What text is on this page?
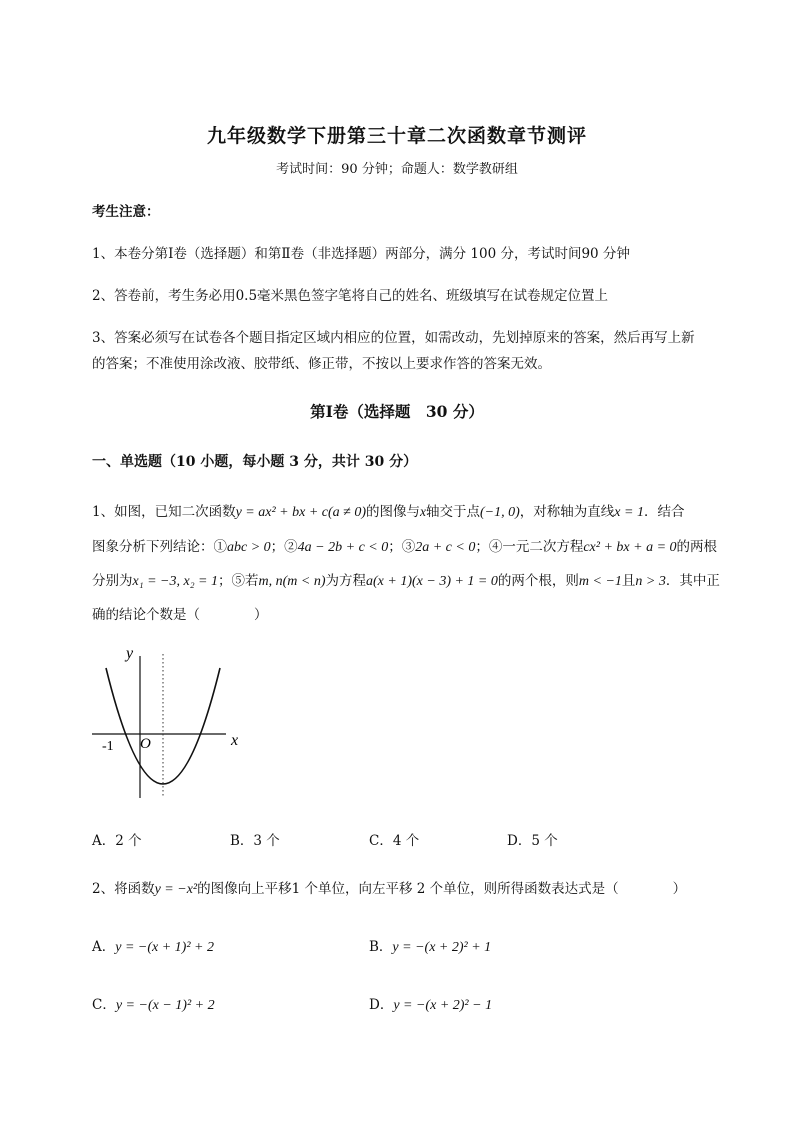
九年级数学下册第三十章二次函数章节测评
考试时间：90 分钟；命题人：数学教研组
考生注意：
1、本卷分第Ⅰ卷（选择题）和第Ⅱ卷（非选择题）两部分，满分 100 分，考试时间90 分钟
2、答卷前，考生务必用0.5毫米黑色签字笔将自己的姓名、班级填写在试卷规定位置上
3、答案必须写在试卷各个题目指定区域内相应的位置，如需改动，先划掉原来的答案，然后再写上新
的答案；不准使用涂改液、胶带纸、修正带，不按以上要求作答的答案无效。
第Ⅰ卷（选择题　30 分）
一、单选题（10 小题，每小题 3 分，共计 30 分）
1、如图，已知二次函数y = ax² + bx + c(a ≠ 0)的图像与x轴交于点(−1, 0)，对称轴为直线x = 1．结合
图象分析下列结论：①abc > 0；②4a − 2b + c < 0；③2a + c < 0；④一元二次方程cx² + bx + a = 0的两根
分别为x₁ = −3, x₂ = 1；⑤若m, n(m < n)为方程a(x + 1)(x − 3) + 1 = 0的两个根，则m < −1且n > 3．其中正
确的结论个数是（　　　　）
y
x
O
-1
A．2 个	B．3 个	C．4 个	D．5 个
2、将函数y = −x²的图像向上平移1 个单位，向左平移 2 个单位，则所得函数表达式是（　　　　）
A．y = −(x + 1)² + 2	B．y = −(x + 2)² + 1
C．y = −(x − 1)² + 2	D．y = −(x + 2)² − 1
